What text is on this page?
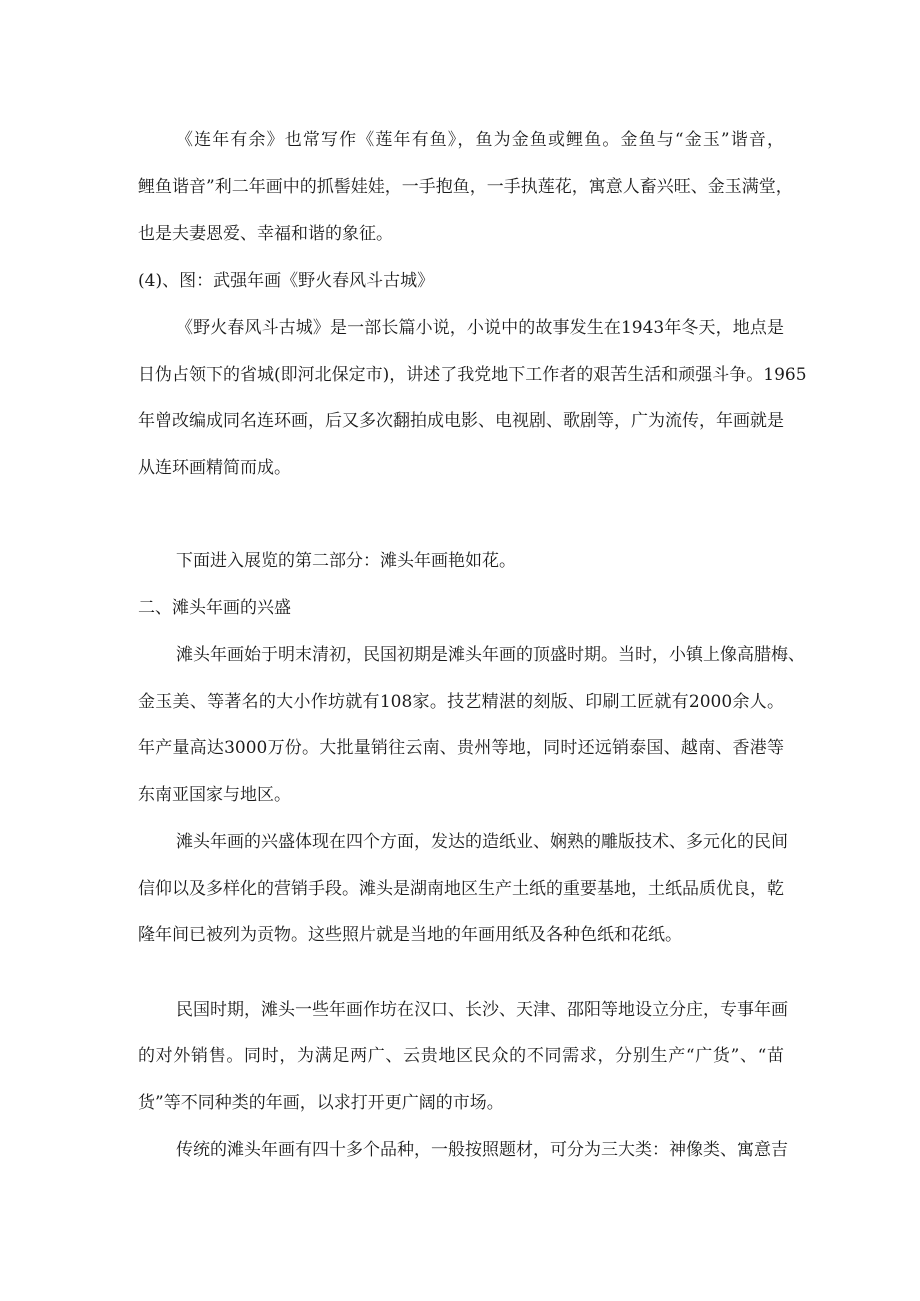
《连年有余》也常写作《莲年有鱼》，鱼为金鱼或鲤鱼。金鱼与“金玉”谐音，

鲤鱼谐音”利二年画中的抓髻娃娃，一手抱鱼，一手执莲花，寓意人畜兴旺、金玉满堂，

也是夫妻恩爱、幸福和谐的象征。

(4)、图：武强年画《野火春风斗古城》

《野火春风斗古城》是一部长篇小说，小说中的故事发生在1943年冬天，地点是

日伪占领下的省城(即河北保定市)，讲述了我党地下工作者的艰苦生活和顽强斗争。1965

年曾改编成同名连环画，后又多次翻拍成电影、电视剧、歌剧等，广为流传，年画就是

从连环画精简而成。

下面进入展览的第二部分：滩头年画艳如花。

二、滩头年画的兴盛

滩头年画始于明末清初，民国初期是滩头年画的顶盛时期。当时，小镇上像高腊梅、

金玉美、等著名的大小作坊就有108家。技艺精湛的刻版、印刷工匠就有2000余人。

年产量高达3000万份。大批量销往云南、贵州等地，同时还远销泰国、越南、香港等

东南亚国家与地区。

滩头年画的兴盛体现在四个方面，发达的造纸业、娴熟的雕版技术、多元化的民间

信仰以及多样化的营销手段。滩头是湖南地区生产土纸的重要基地，土纸品质优良，乾

隆年间已被列为贡物。这些照片就是当地的年画用纸及各种色纸和花纸。

民国时期，滩头一些年画作坊在汉口、长沙、天津、邵阳等地设立分庄，专事年画

的对外销售。同时，为满足两广、云贵地区民众的不同需求，分别生产“广货”、“苗

货”等不同种类的年画，以求打开更广阔的市场。

传统的滩头年画有四十多个品种，一般按照题材，可分为三大类：神像类、寓意吉
